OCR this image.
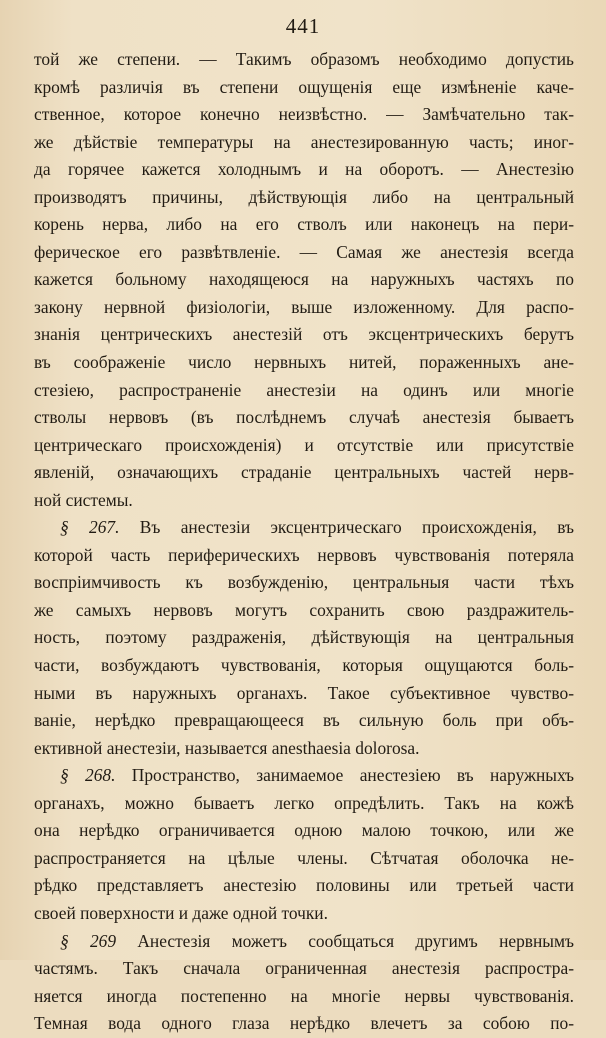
441
той же степени. — Такимъ образомъ необходимо допустиь
кромѣ различія въ степени ощущенія еще измѣненіе каче-
ственное, которое конечно неизвѣстно. — Замѣчательно так-
же дѣйствіе температуры на анестезированную часть; иног-
да горячее кажется холоднымъ и на оборотъ. — Анестезію
производятъ причины, дѣйствующія либо на центральный
корень нерва, либо на его стволъ или наконецъ на пери-
ферическое его развѣтвленіе. — Самая же анестезія всегда
кажется больному находящеюся на наружныхъ частяхъ по
закону нервной физіологіи, выше изложенному. Для распо-
знанія центрическихъ анестезій отъ эксцентрическихъ берутъ
въ соображеніе число нервныхъ нитей, пораженныхъ ане-
стезіею, распространеніе анестезіи на одинъ или многіе
стволы нервовъ (въ послѣднемъ случаѣ анестезія бываетъ
центрическаго происхожденія) и отсутствіе или присутствіе
явленій, означающихъ страданіе центральныхъ частей нерв-
ной системы.
§ 267. Въ анестезіи эксцентрическаго происхожденія, въ
которой часть периферическихъ нервовъ чувствованія потеряла
воспріимчивость къ возбужденію, центральныя части тѣхъ
же самыхъ нервовъ могутъ сохранить свою раздражитель-
ность, поэтому раздраженія, дѣйствующія на центральныя
части, возбуждаютъ чувствованія, которыя ощущаются боль-
ными въ наружныхъ органахъ. Такое субъективное чувство-
ваніе, нерѣдко превращающееся въ сильную боль при объ-
ективной анестезіи, называется anesthaesia dolorosa.
§ 268. Пространство, занимаемое анестезіею въ наружныхъ
органахъ, можно бываетъ легко опредѣлить. Такъ на кожѣ
она нерѣдко ограничивается одною малою точкою, или же
распространяется на цѣлые члены. Сѣтчатая оболочка не-
рѣдко представляетъ анестезію половины или третьей части
своей поверхности и даже одной точки.
§ 269 Анестезія можетъ сообщаться другимъ нервнымъ
частямъ. Такъ сначала ограниченная анестезія распростра-
няется иногда постепенно на многіе нервы чувствованія.
Темная вода одного глаза нерѣдко влечетъ за собою по-
